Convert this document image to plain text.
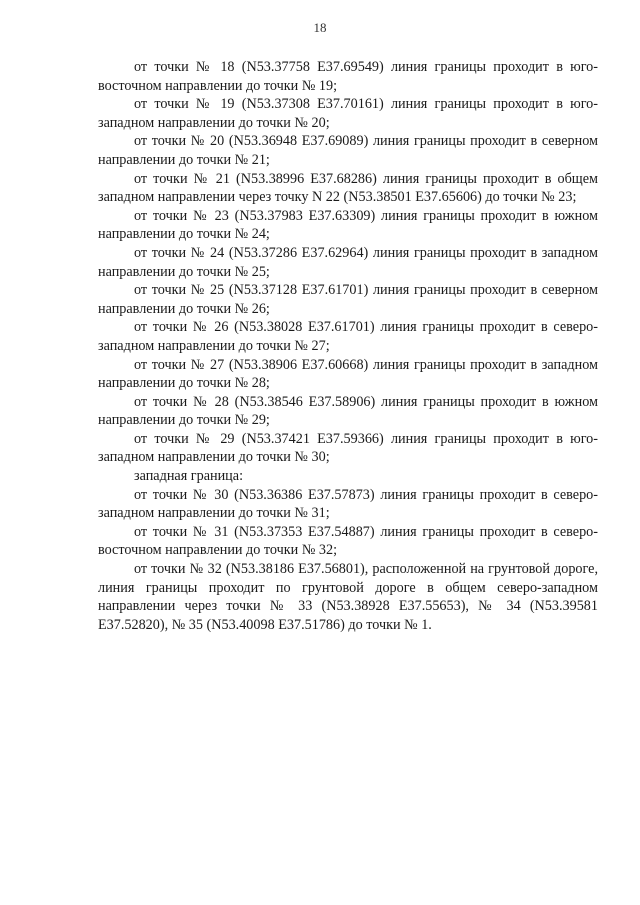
18

от точки № 18 (N53.37758 E37.69549) линия границы проходит в юго-восточном направлении до точки № 19;

от точки № 19 (N53.37308 E37.70161) линия границы проходит в юго-западном направлении до точки № 20;

от точки № 20 (N53.36948 E37.69089) линия границы проходит в северном направлении до точки № 21;

от точки № 21 (N53.38996 E37.68286) линия границы проходит в общем западном направлении через точку N 22 (N53.38501 E37.65606) до точки № 23;

от точки № 23 (N53.37983 E37.63309) линия границы проходит в южном направлении до точки № 24;

от точки № 24 (N53.37286 E37.62964) линия границы проходит в западном направлении до точки № 25;

от точки № 25 (N53.37128 E37.61701) линия границы проходит в северном направлении до точки № 26;

от точки № 26 (N53.38028 E37.61701) линия границы проходит в северо-западном направлении до точки № 27;

от точки № 27 (N53.38906 E37.60668) линия границы проходит в западном направлении до точки № 28;

от точки № 28 (N53.38546 E37.58906) линия границы проходит в южном направлении до точки № 29;

от точки № 29 (N53.37421 E37.59366) линия границы проходит в юго-западном направлении до точки № 30;

западная граница:

от точки № 30 (N53.36386 E37.57873) линия границы проходит в северо-западном направлении до точки № 31;

от точки № 31 (N53.37353 E37.54887) линия границы проходит в северо-восточном направлении до точки № 32;

от точки № 32 (N53.38186 E37.56801), расположенной на грунтовой дороге, линия границы проходит по грунтовой дороге в общем северо-западном направлении через точки № 33 (N53.38928 E37.55653), № 34 (N53.39581 E37.52820), № 35 (N53.40098 E37.51786) до точки № 1.
